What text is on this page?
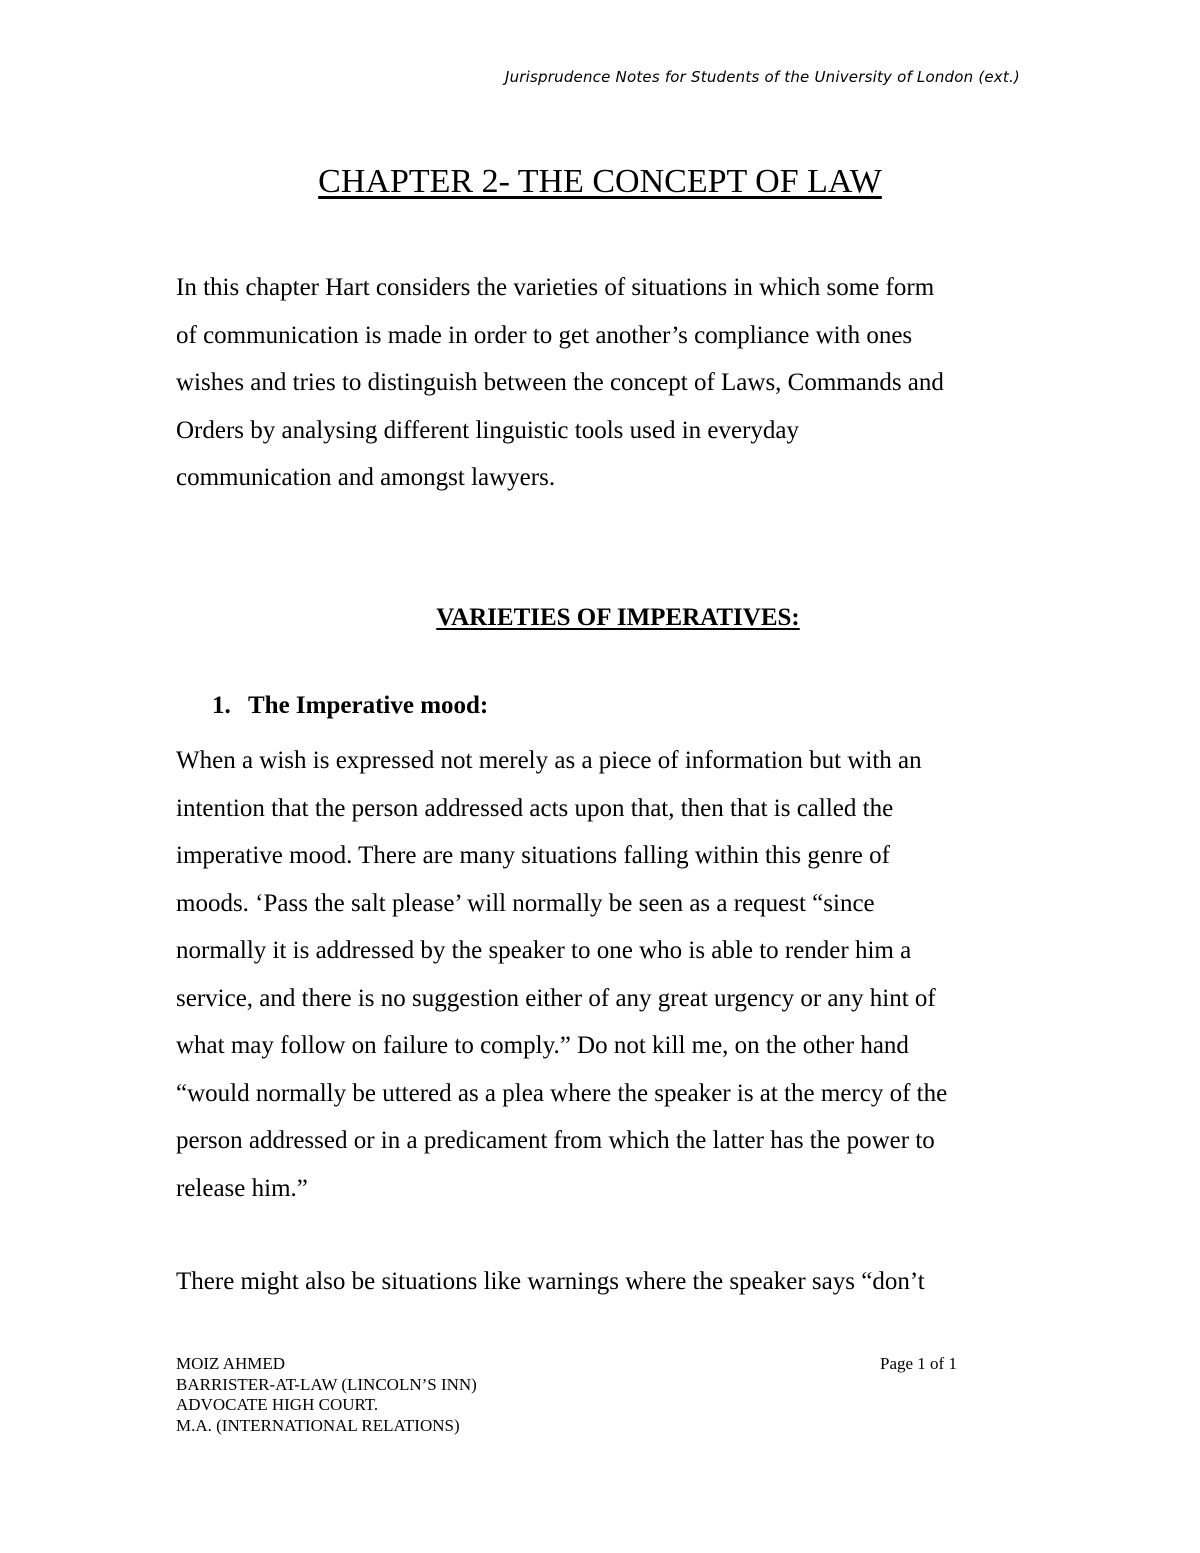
Jurisprudence Notes for Students of the University of London (ext.)
CHAPTER 2- THE CONCEPT OF LAW
In this chapter Hart considers the varieties of situations in which some form
of communication is made in order to get another’s compliance with ones
wishes and tries to distinguish between the concept of Laws, Commands and
Orders by analysing different linguistic tools used in everyday
communication and amongst lawyers.
VARIETIES OF IMPERATIVES:
1. The Imperative mood:
When a wish is expressed not merely as a piece of information but with an
intention that the person addressed acts upon that, then that is called the
imperative mood. There are many situations falling within this genre of
moods. ‘Pass the salt please’ will normally be seen as a request “since
normally it is addressed by the speaker to one who is able to render him a
service, and there is no suggestion either of any great urgency or any hint of
what may follow on failure to comply.” Do not kill me, on the other hand
“would normally be uttered as a plea where the speaker is at the mercy of the
person addressed or in a predicament from which the latter has the power to
release him.”
There might also be situations like warnings where the speaker says “don’t
MOIZ AHMED
BARRISTER-AT-LAW (LINCOLN’S INN)
ADVOCATE HIGH COURT.
M.A. (INTERNATIONAL RELATIONS)
Page 1 of 1
